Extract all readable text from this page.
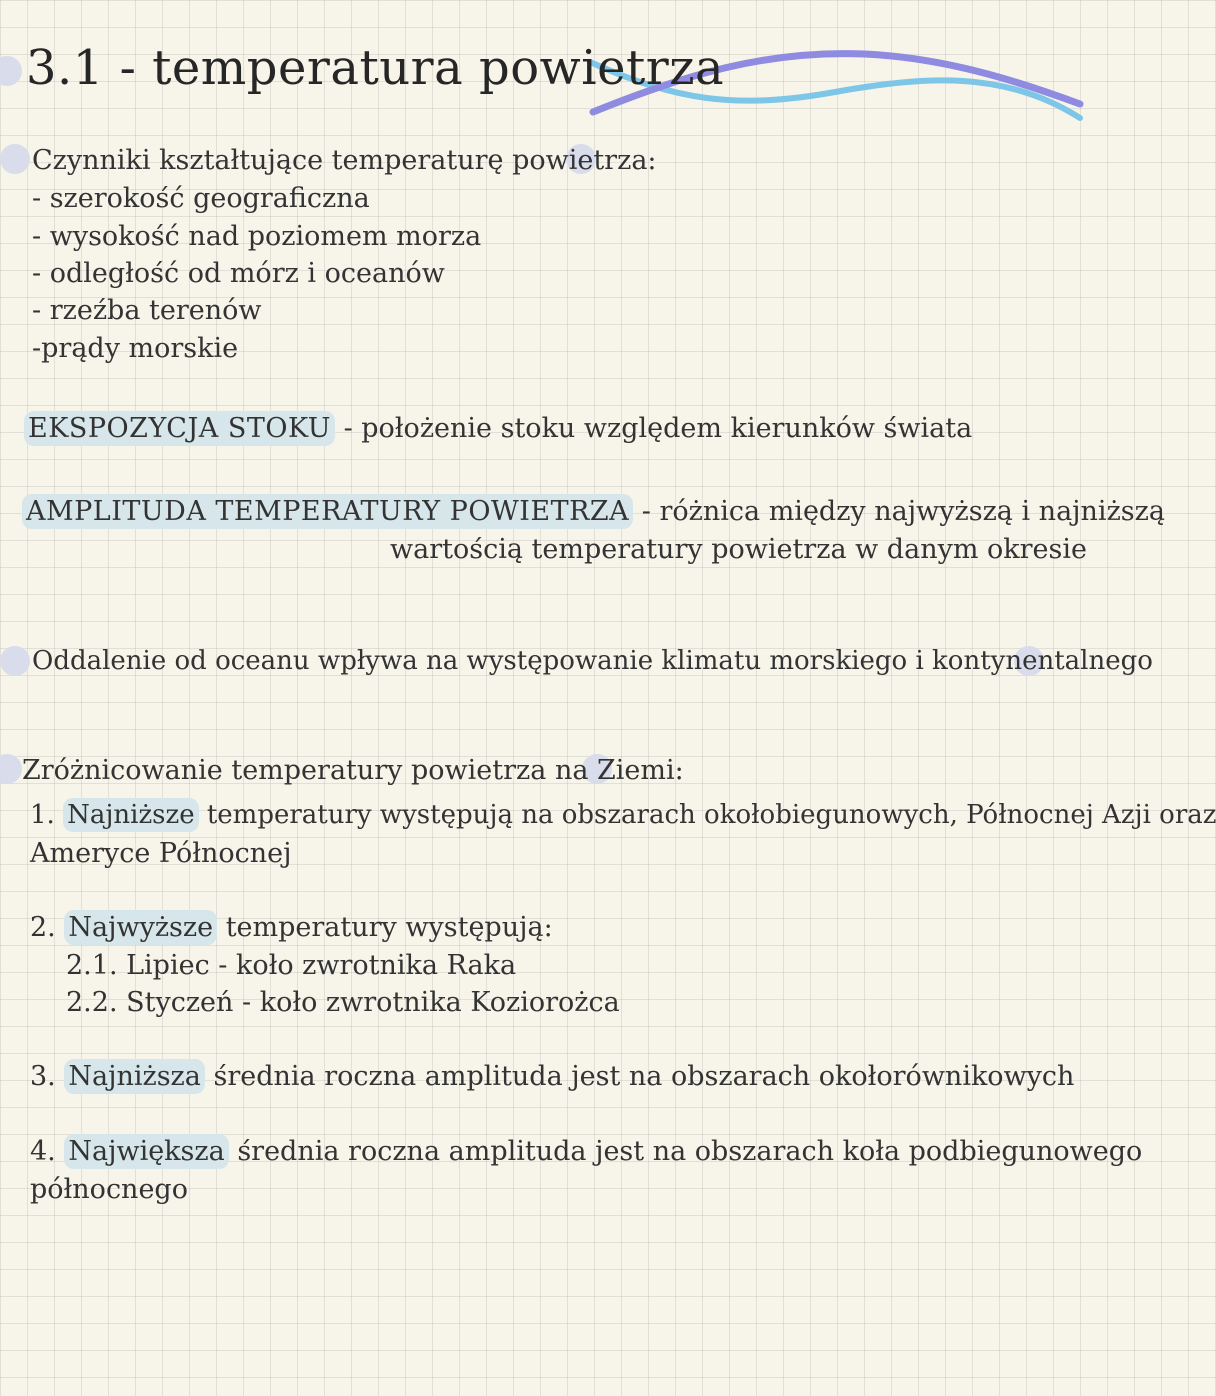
3.1 - temperatura powietrza
Czynniki kształtujące temperaturę powietrza:
- szerokość geograficzna
- wysokość nad poziomem morza
- odległość od mórz i oceanów
- rzeźba terenów
-prądy morskie
EKSPOZYCJA STOKU - położenie stoku względem kierunków świata
AMPLITUDA TEMPERATURY POWIETRZA - różnica między najwyższą i najniższą
wartością temperatury powietrza w danym okresie
Oddalenie od oceanu wpływa na występowanie klimatu morskiego i kontynentalnego
Zróżnicowanie temperatury powietrza na Ziemi:
1. Najniższe temperatury występują na obszarach okołobiegunowych, Północnej Azji oraz
Ameryce Północnej
2. Najwyższe temperatury występują:
2.1. Lipiec - koło zwrotnika Raka
2.2. Styczeń - koło zwrotnika Koziorożca
3. Najniższa średnia roczna amplituda jest na obszarach okołorównikowych
4. Największa średnia roczna amplituda jest na obszarach koła podbiegunowego
północnego
